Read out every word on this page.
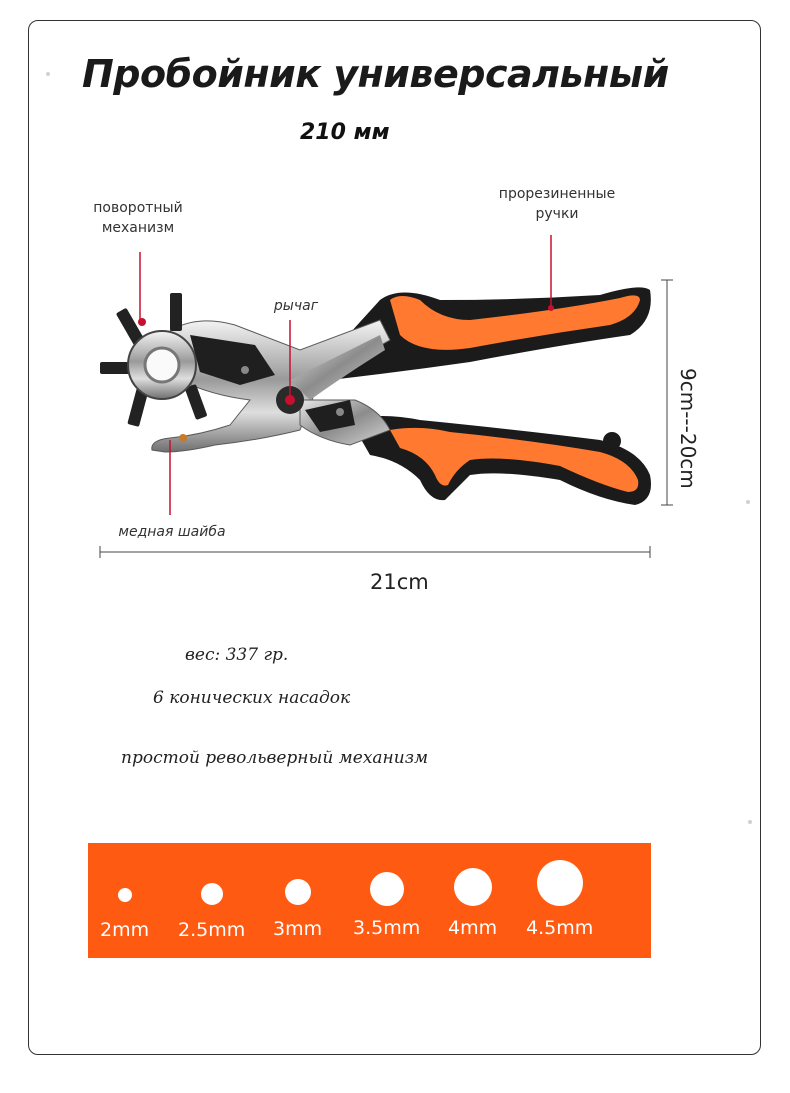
Пробойник универсальный
210 мм
поворотный механизм
рычаг
прорезиненные ручки
медная шайба
21cm
9cm---20cm
вес: 337 гр.
6 конических насадок
простой револьверный механизм
2mm 2.5mm 3mm 3.5mm 4mm 4.5mm
